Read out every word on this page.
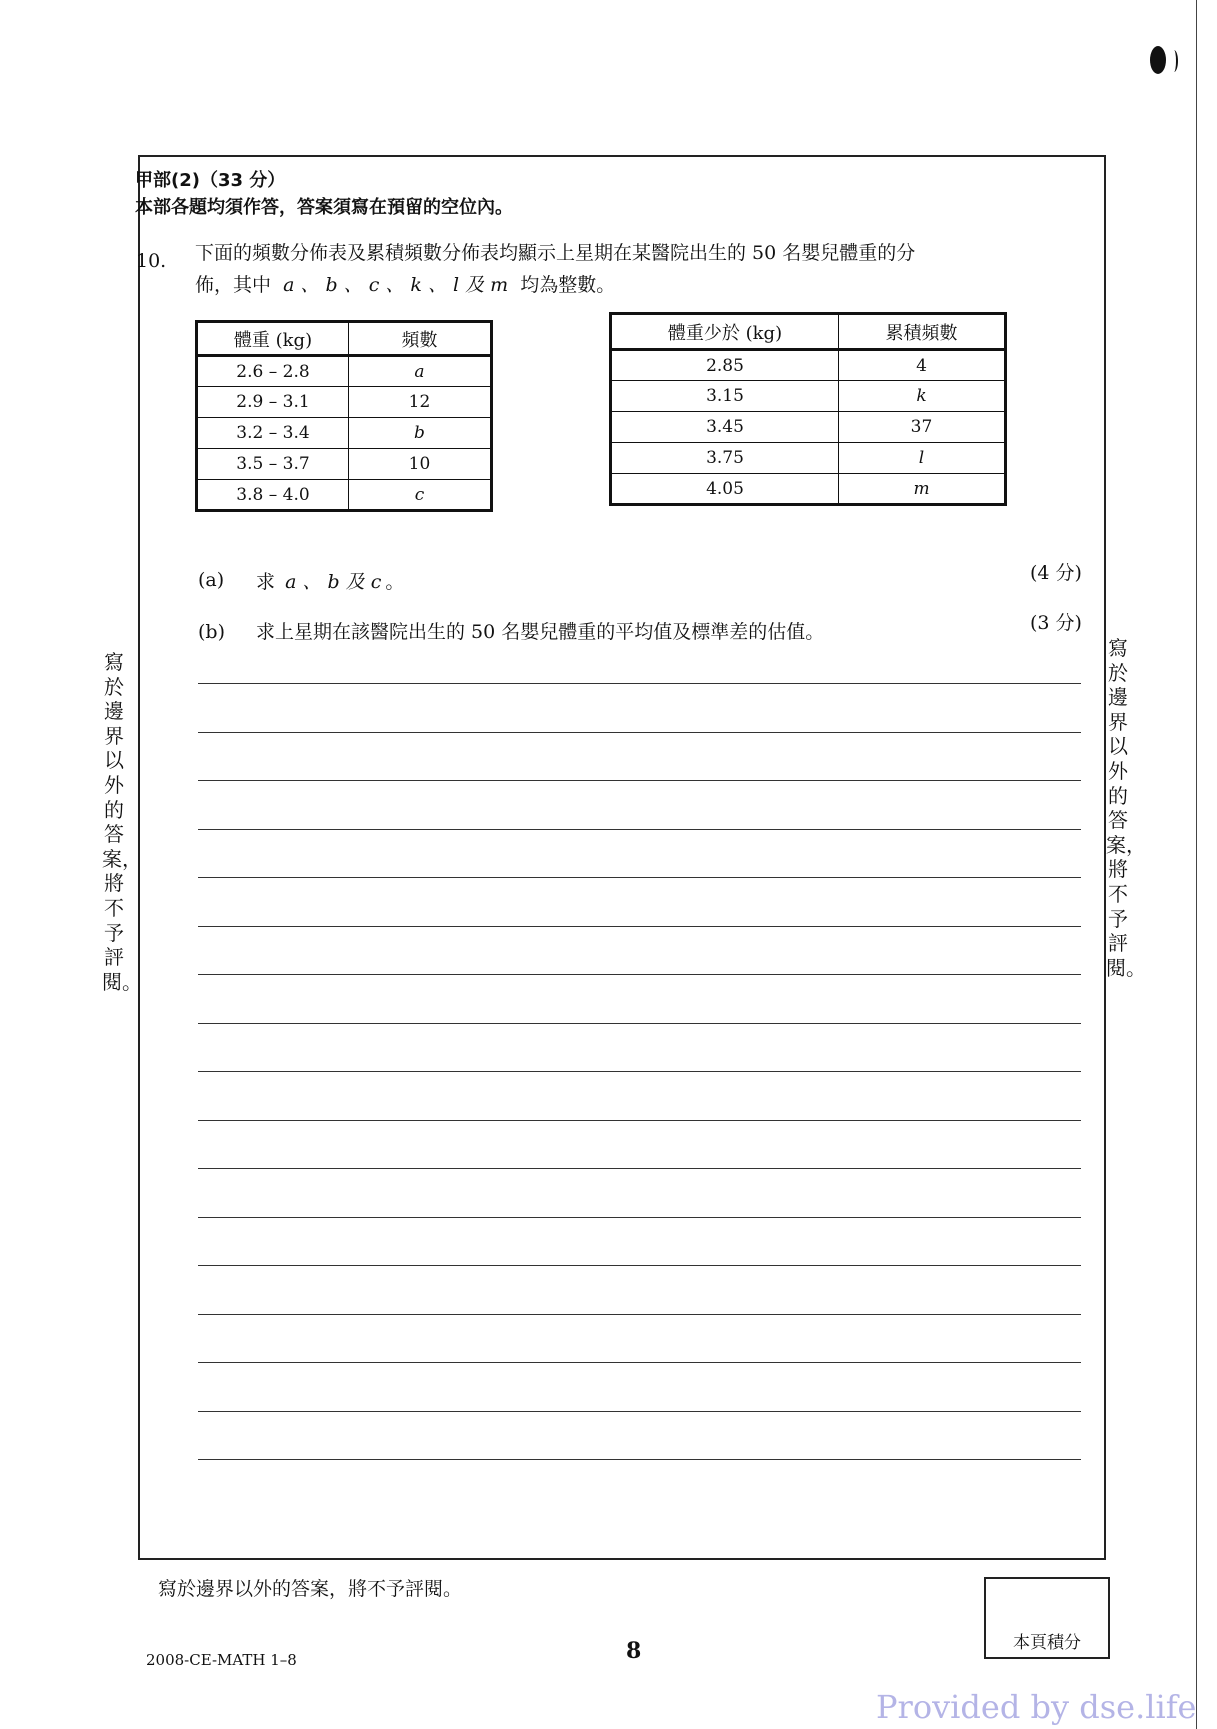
甲部(2)（33 分）
本部各題均須作答，答案須寫在預留的空位內。
10. 下面的頻數分佈表及累積頻數分佈表均顯示上星期在某醫院出生的 50 名嬰兒體重的分
佈，其中 a 、 b 、 c 、 k 、 l 及 m 均為整數。
體重 (kg)	頻數
2.6 – 2.8	a
2.9 – 3.1	12
3.2 – 3.4	b
3.5 – 3.7	10
3.8 – 4.0	c
體重少於 (kg)	累積頻數
2.85	4
3.15	k
3.45	37
3.75	l
4.05	m
(a) 求 a 、 b 及 c 。	(4 分)
(b) 求上星期在該醫院出生的 50 名嬰兒體重的平均值及標準差的估值。	(3 分)
寫於邊界以外的答案，將不予評閱。
寫於邊界以外的答案，將不予評閱。
寫於邊界以外的答案，將不予評閱。
2008-CE-MATH 1–8	8	本頁積分
Provided by dse.life
